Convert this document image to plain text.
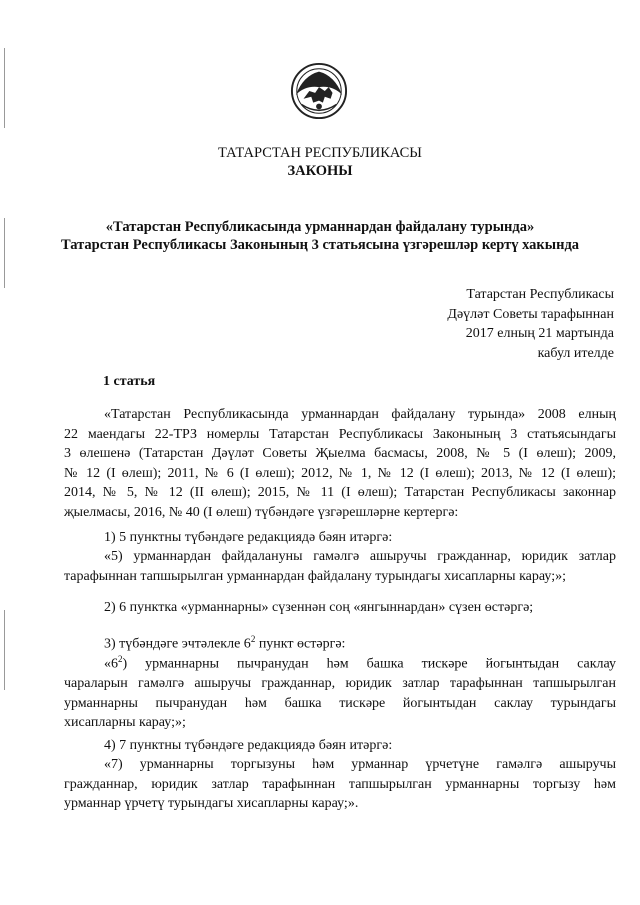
ТАТАРСТАН РЕСПУБЛИКАСЫ
ЗАКОНЫ
«Татарстан Республикасында урманнардан файдалану турында»
Татарстан Республикасы Законының 3 статьясына үзгәрешләр кертү хакында
Татарстан Республикасы
Дәүләт Советы тарафыннан
2017 елның 21 мартында
кабул ителде
1 статья
«Татарстан Республикасында урманнардан файдалану турында» 2008 елның
22 маендагы 22-ТРЗ номерлы Татарстан Республикасы Законының 3 статьясындагы
3 өлешенә (Татарстан Дәүләт Советы Җыелма басмасы, 2008, № 5 (I өлеш); 2009,
№ 12 (I өлеш); 2011, № 6 (I өлеш); 2012, № 1, № 12 (I өлеш); 2013, № 12 (I өлеш);
2014, № 5, № 12 (II өлеш); 2015, № 11 (I өлеш); Татарстан Республикасы законнар
җыелмасы, 2016, № 40 (I өлеш) түбәндәге үзгәрешләрне кертергә:
1) 5 пунктны түбәндәге редакциядә бәян итәргә:
«5) урманнардан файдалануны гамәлгә ашыручы гражданнар, юридик затлар
тарафыннан тапшырылган урманнардан файдалану турындагы хисапларны карау;»;
2) 6 пунктка «урманнарны» сүзеннән соң «янгыннардан» сүзен өстәргә;
3) түбәндәге эчтәлекле $6^2$ пункт өстәргә:
«$6^2$) урманнарны пычранудан һәм башка тискәре йогынтыдан саклау
чараларын гамәлгә ашыручы гражданнар, юридик затлар тарафыннан тапшырылган
урманнарны пычранудан һәм башка тискәре йогынтыдан саклау турындагы
хисапларны карау;»;
4) 7 пунктны түбәндәге редакциядә бәян итәргә:
«7) урманнарны торгызуны һәм урманнар үрчетүне гамәлгә ашыручы
гражданнар, юридик затлар тарафыннан тапшырылган урманнарны торгызу һәм
урманнар үрчетү турындагы хисапларны карау;».
